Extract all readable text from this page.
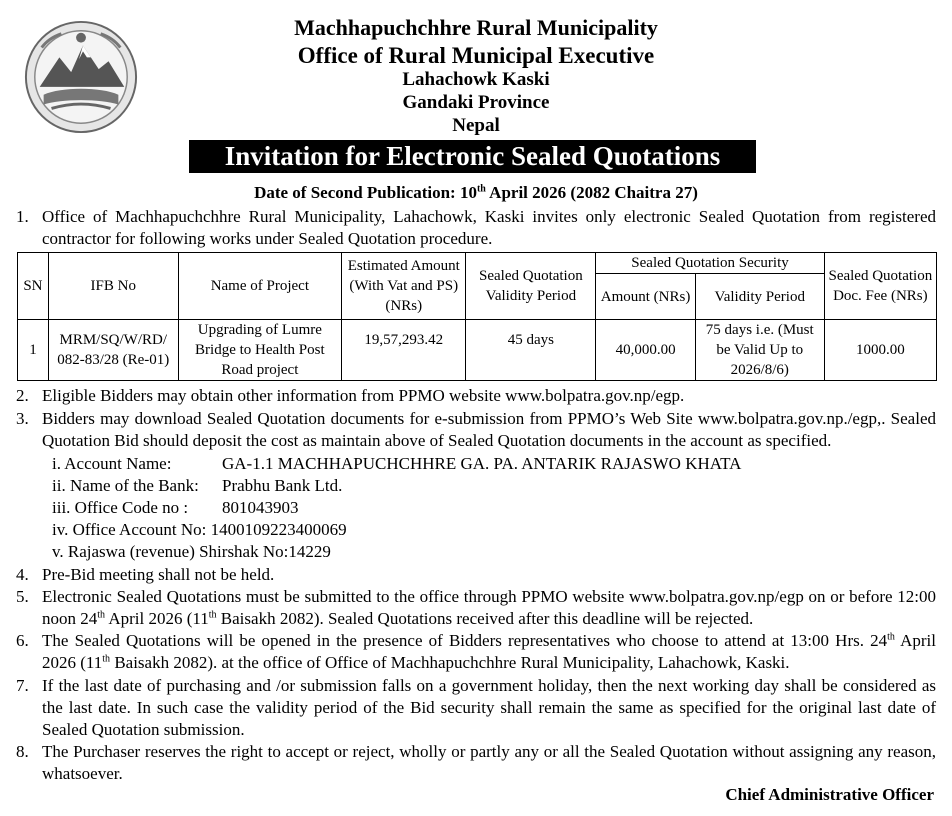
Machhapuchchhre Rural Municipality
Office of Rural Municipal Executive
Lahachowk Kaski
Gandaki Province
Nepal
Invitation for Electronic Sealed Quotations
Date of Second Publication: 10th April 2026 (2082 Chaitra 27)
1. Office of Machhapuchchhre Rural Municipality, Lahachowk, Kaski invites only electronic Sealed Quotation from registered contractor for following works under Sealed Quotation procedure.
SN	IFB No	Name of Project	Estimated Amount (With Vat and PS) (NRs)	Sealed Quotation Validity Period	Sealed Quotation Security		Sealed Quotation Doc. Fee (NRs)
					Amount (NRs)	Validity Period	
1	MRM/SQ/W/RD/ 082-83/28 (Re-01)	Upgrading of Lumre Bridge to Health Post Road project	19,57,293.42	45 days	40,000.00	75 days i.e. (Must be Valid Up to 2026/8/6)	1000.00
2. Eligible Bidders may obtain other information from PPMO website www.bolpatra.gov.np/egp.
3. Bidders may download Sealed Quotation documents for e-submission from PPMO’s Web Site www.bolpatra.gov.np./egp,. Sealed Quotation Bid should deposit the cost as maintain above of Sealed Quotation documents in the account as specified.
i. Account Name:	GA-1.1 MACHHAPUCHCHHRE GA. PA. ANTARIK RAJASWO KHATA
ii. Name of the Bank: Prabhu Bank Ltd.
iii. Office Code no : 801043903
iv. Office Account No: 1400109223400069
v. Rajaswa (revenue) Shirshak No:14229
4. Pre-Bid meeting shall not be held.
5. Electronic Sealed Quotations must be submitted to the office through PPMO website www.bolpatra.gov.np/egp on or before 12:00 noon 24th April 2026 (11th Baisakh 2082). Sealed Quotations received after this deadline will be rejected.
6. The Sealed Quotations will be opened in the presence of Bidders representatives who choose to attend at 13:00 Hrs. 24th April 2026 (11th Baisakh 2082). at the office of Office of Machhapuchchhre Rural Municipality, Lahachowk, Kaski.
7. If the last date of purchasing and /or submission falls on a government holiday, then the next working day shall be considered as the last date. In such case the validity period of the Bid security shall remain the same as specified for the original last date of Sealed Quotation submission.
8. The Purchaser reserves the right to accept or reject, wholly or partly any or all the Sealed Quotation without assigning any reason, whatsoever.
Chief Administrative Officer
